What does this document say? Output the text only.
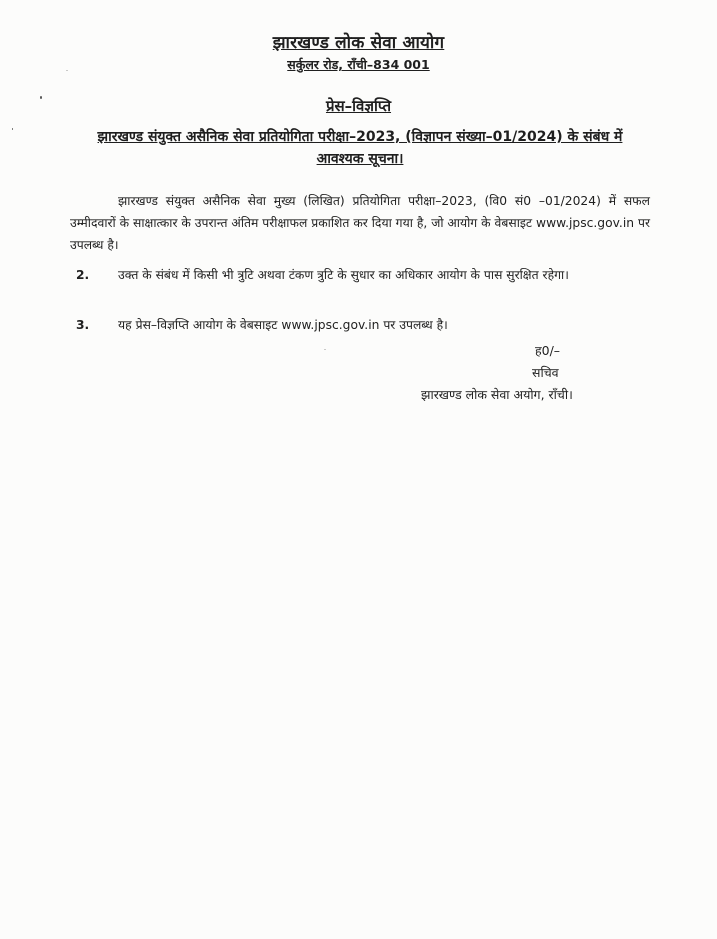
झारखण्ड लोक सेवा आयोग
सर्कुलर रोड, राँची–834 001
प्रेस–विज्ञप्ति
झारखण्ड संयुक्त असैनिक सेवा प्रतियोगिता परीक्षा–2023, (विज्ञापन संख्या–01/2024) के संबंध में
आवश्यक सूचना।
झारखण्ड संयुक्त असैनिक सेवा मुख्य (लिखित) प्रतियोगिता परीक्षा–2023, (वि0 सं0 –01/2024) में सफल उम्मीदवारों के साक्षात्कार के उपरान्त अंतिम परीक्षाफल प्रकाशित कर दिया गया है, जो आयोग के वेबसाइट www.jpsc.gov.in पर उपलब्ध है।
2.	उक्त के संबंध में किसी भी त्रुटि अथवा टंकण त्रुटि के सुधार का अधिकार आयोग के पास सुरक्षित रहेगा।
3.	यह प्रेस–विज्ञप्ति आयोग के वेबसाइट www.jpsc.gov.in पर उपलब्ध है।
ह0/–
सचिव
झारखण्ड लोक सेवा अयोग, राँची।
